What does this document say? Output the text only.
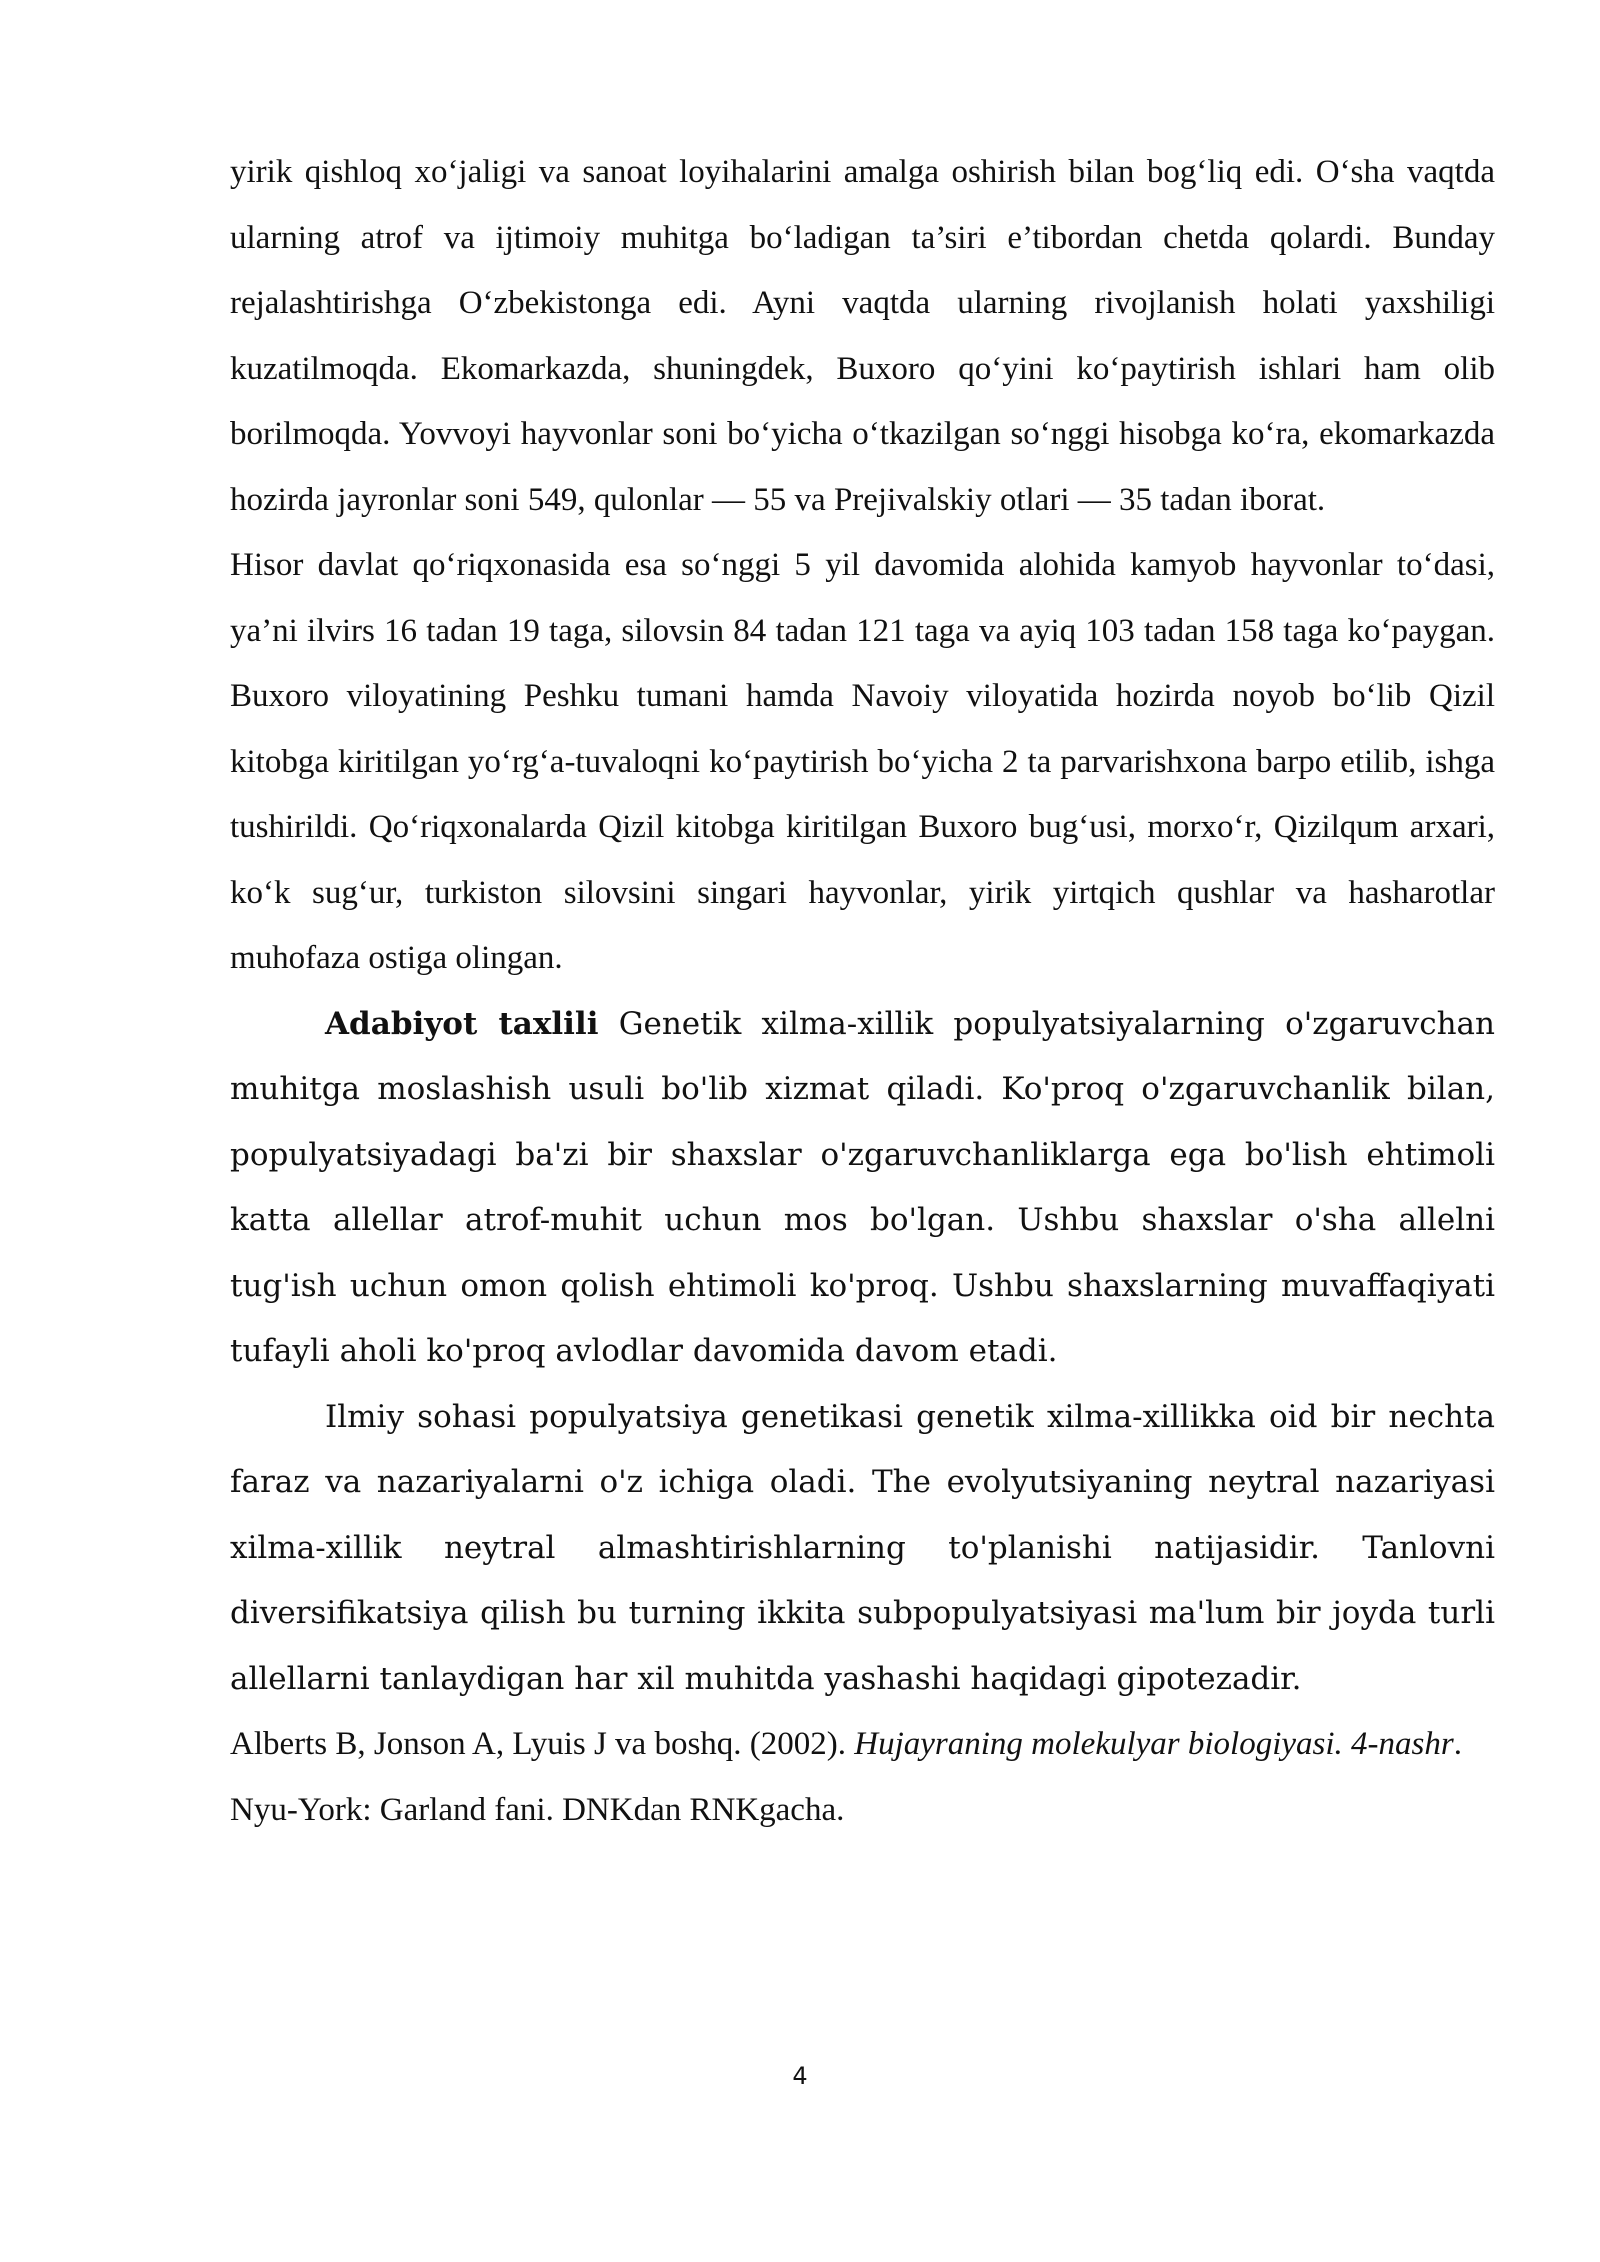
yirik qishloq xo‘jaligi va sanoat loyihalarini amalga oshirish bilan bog‘liq edi. O‘sha vaqtda ularning atrof va ijtimoiy muhitga bo‘ladigan ta’siri e’tibordan chetda qolardi. Bunday rejalashtirishga O‘zbekistonga edi. Ayni vaqtda ularning rivojlanish holati yaxshiligi kuzatilmoqda. Ekomarkazda, shuningdek, Buxoro qo‘yini ko‘paytirish ishlari ham olib borilmoqda. Yovvoyi hayvonlar soni bo‘yicha o‘tkazilgan so‘nggi hisobga ko‘ra, ekomarkazda hozirda jayronlar soni 549, qulonlar — 55 va Prejivalskiy otlari — 35 tadan iborat.

Hisor davlat qo‘riqxonasida esa so‘nggi 5 yil davomida alohida kamyob hayvonlar to‘dasi, ya’ni ilvirs 16 tadan 19 taga, silovsin 84 tadan 121 taga va ayiq 103 tadan 158 taga ko‘paygan. Buxoro viloyatining Peshku tumani hamda Navoiy viloyatida hozirda noyob bo‘lib Qizil kitobga kiritilgan yo‘rg‘a-tuvaloqni ko‘paytirish bo‘yicha 2 ta parvarishxona barpo etilib, ishga tushirildi. Qo‘riqxonalarda Qizil kitobga kiritilgan Buxoro bug‘usi, morxo‘r, Qizilqum arxari, ko‘k sug‘ur, turkiston silovsini singari hayvonlar, yirik yirtqich qushlar va hasharotlar muhofaza ostiga olingan.

Adabiyot taxlili Genetik xilma-xillik populyatsiyalarning o'zgaruvchan muhitga moslashish usuli bo'lib xizmat qiladi. Ko'proq o'zgaruvchanlik bilan, populyatsiyadagi ba'zi bir shaxslar o'zgaruvchanliklarga ega bo'lish ehtimoli katta allellar atrof-muhit uchun mos bo'lgan. Ushbu shaxslar o'sha allelni tug'ish uchun omon qolish ehtimoli ko'proq. Ushbu shaxslarning muvaffaqiyati tufayli aholi ko'proq avlodlar davomida davom etadi.

Ilmiy sohasi populyatsiya genetikasi genetik xilma-xillikka oid bir nechta faraz va nazariyalarni o'z ichiga oladi. The evolyutsiyaning neytral nazariyasi xilma-xillik neytral almashtirishlarning to'planishi natijasidir. Tanlovni diversifikatsiya qilish bu turning ikkita subpopulyatsiyasi ma'lum bir joyda turli allellarni tanlaydigan har xil muhitda yashashi haqidagi gipotezadir.

Alberts B, Jonson A, Lyuis J va boshq. (2002). Hujayraning molekulyar biologiyasi. 4-nashr. Nyu-York: Garland fani. DNKdan RNKgacha.

4
